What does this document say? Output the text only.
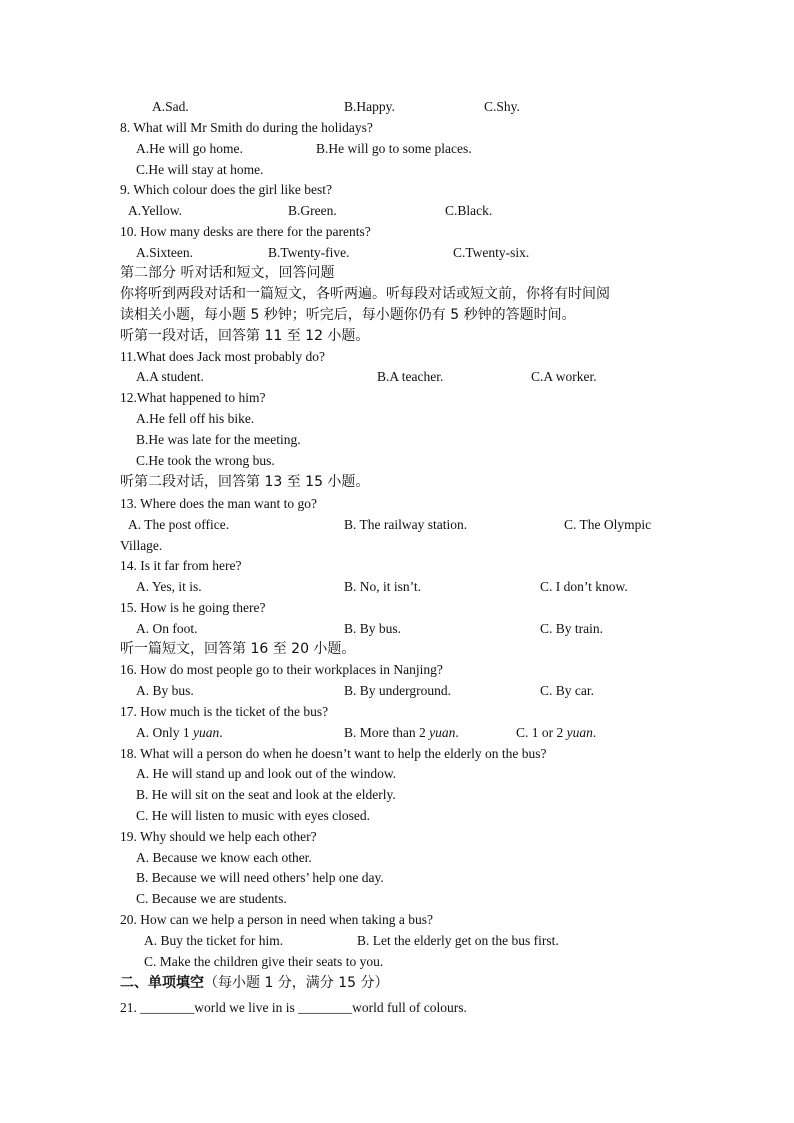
A.Sad.	B.Happy.	C.Shy.
8. What will Mr Smith do during the holidays?
A.He will go home.	B.He will go to some places.
C.He will stay at home.
9. Which colour does the girl like best?
A.Yellow.	B.Green.	C.Black.
10. How many desks are there for the parents?
A.Sixteen.	B.Twenty-five.	C.Twenty-six.
第二部分 听对话和短文，回答问题
你将听到两段对话和一篇短文，各听两遍。听每段对话或短文前，你将有时间阅
读相关小题，每小题 5 秒钟；听完后，每小题你仍有 5 秒钟的答题时间。
听第一段对话，回答第 11 至 12 小题。
11.What does Jack most probably do?
A.A student.	B.A teacher.	C.A worker.
12.What happened to him?
A.He fell off his bike.
B.He was late for the meeting.
C.He took the wrong bus.
听第二段对话，回答第 13 至 15 小题。
13. Where does the man want to go?
A. The post office.	B. The railway station.	C. The Olympic
Village.
14. Is it far from here?
A. Yes, it is.	B. No, it isn’t.	C. I don’t know.
15. How is he going there?
A. On foot.	B. By bus.	C. By train.
听一篇短文，回答第 16 至 20 小题。
16. How do most people go to their workplaces in Nanjing?
A. By bus.	B. By underground.	C. By car.
17. How much is the ticket of the bus?
A. Only 1 yuan.	B. More than 2 yuan.	C. 1 or 2 yuan.
18. What will a person do when he doesn’t want to help the elderly on the bus?
A. He will stand up and look out of the window.
B. He will sit on the seat and look at the elderly.
C. He will listen to music with eyes closed.
19. Why should we help each other?
A. Because we know each other.
B. Because we will need others’ help one day.
C. Because we are students.
20. How can we help a person in need when taking a bus?
A. Buy the ticket for him.	B. Let the elderly get on the bus first.
C. Make the children give their seats to you.
二、单项填空（每小题 1 分，满分 15 分）
21. ________world we live in is ________world full of colours.
